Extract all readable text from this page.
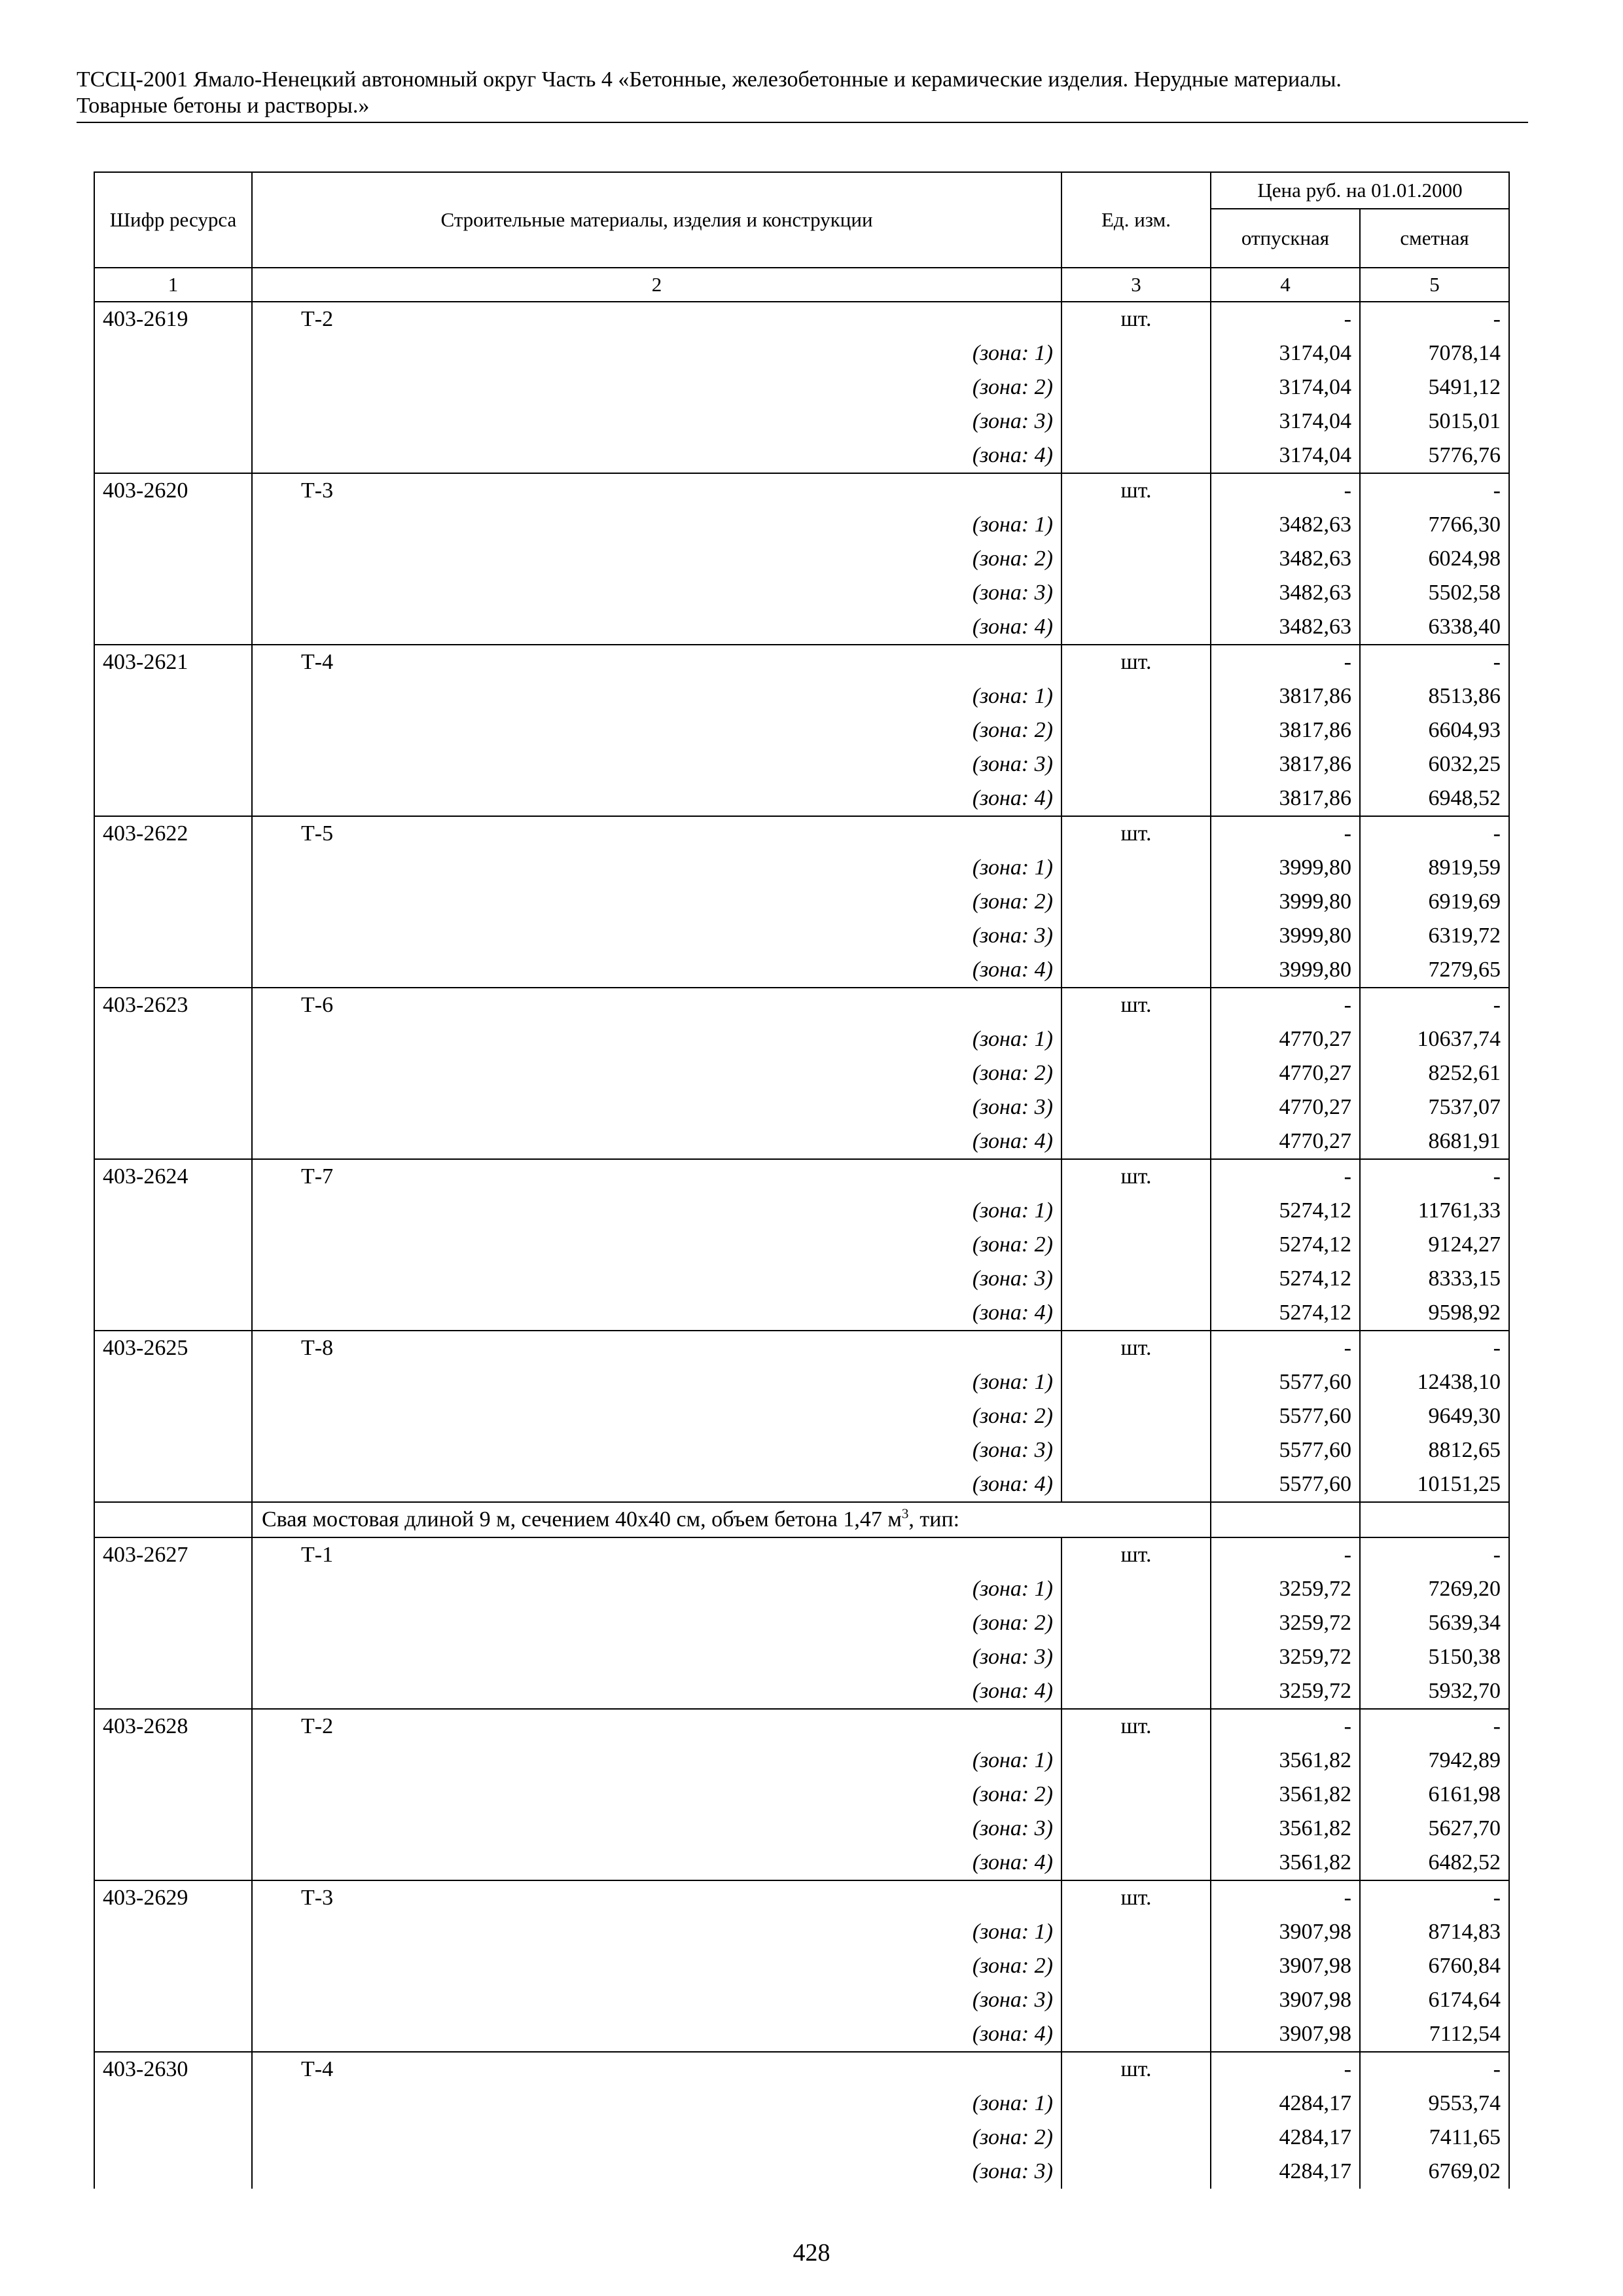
ТССЦ-2001 Ямало-Ненецкий автономный округ Часть 4 «Бетонные, железобетонные и керамические изделия. Нерудные материалы.
Товарные бетоны и растворы.»
Шифр ресурса	Строительные материалы, изделия и конструкции	Ед. изм.	Цена руб. на 01.01.2000	
			отпускная	сметная
1	2	3	4	5
403-2619	Т-2	шт.	-	-
	(зона: 1)		3174,04	7078,14
	(зона: 2)		3174,04	5491,12
	(зона: 3)		3174,04	5015,01
	(зона: 4)		3174,04	5776,76
403-2620	Т-3	шт.	-	-
	(зона: 1)		3482,63	7766,30
	(зона: 2)		3482,63	6024,98
	(зона: 3)		3482,63	5502,58
	(зона: 4)		3482,63	6338,40
403-2621	Т-4	шт.	-	-
	(зона: 1)		3817,86	8513,86
	(зона: 2)		3817,86	6604,93
	(зона: 3)		3817,86	6032,25
	(зона: 4)		3817,86	6948,52
403-2622	Т-5	шт.	-	-
	(зона: 1)		3999,80	8919,59
	(зона: 2)		3999,80	6919,69
	(зона: 3)		3999,80	6319,72
	(зона: 4)		3999,80	7279,65
403-2623	Т-6	шт.	-	-
	(зона: 1)		4770,27	10637,74
	(зона: 2)		4770,27	8252,61
	(зона: 3)		4770,27	7537,07
	(зона: 4)		4770,27	8681,91
403-2624	Т-7	шт.	-	-
	(зона: 1)		5274,12	11761,33
	(зона: 2)		5274,12	9124,27
	(зона: 3)		5274,12	8333,15
	(зона: 4)		5274,12	9598,92
403-2625	Т-8	шт.	-	-
	(зона: 1)		5577,60	12438,10
	(зона: 2)		5577,60	9649,30
	(зона: 3)		5577,60	8812,65
	(зона: 4)		5577,60	10151,25
	Свая мостовая длиной 9 м, сечением 40х40 см, объем бетона 1,47 $м^3$, тип:			
403-2627	Т-1	шт.	-	-
	(зона: 1)		3259,72	7269,20
	(зона: 2)		3259,72	5639,34
	(зона: 3)		3259,72	5150,38
	(зона: 4)		3259,72	5932,70
403-2628	Т-2	шт.	-	-
	(зона: 1)		3561,82	7942,89
	(зона: 2)		3561,82	6161,98
	(зона: 3)		3561,82	5627,70
	(зона: 4)		3561,82	6482,52
403-2629	Т-3	шт.	-	-
	(зона: 1)		3907,98	8714,83
	(зона: 2)		3907,98	6760,84
	(зона: 3)		3907,98	6174,64
	(зона: 4)		3907,98	7112,54
403-2630	Т-4	шт.	-	-
	(зона: 1)		4284,17	9553,74
	(зона: 2)		4284,17	7411,65
	(зона: 3)		4284,17	6769,02
428
